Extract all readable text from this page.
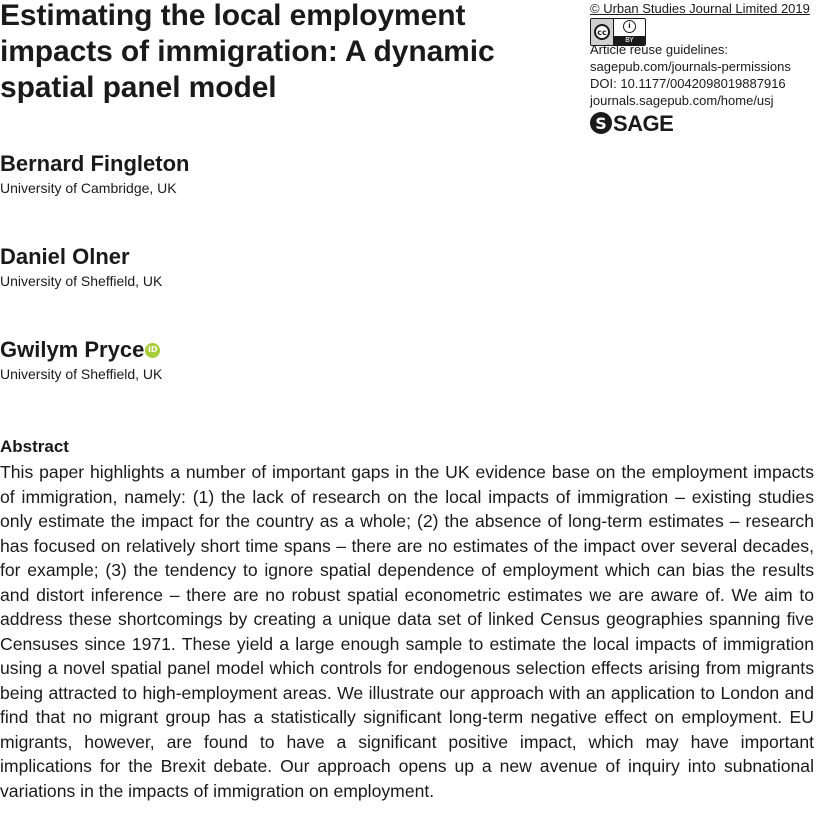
Estimating the local employment impacts of immigration: A dynamic spatial panel model
© Urban Studies Journal Limited 2019
cc
i
BY
Article reuse guidelines:
sagepub.com/journals-permissions
DOI: 10.1177/0042098019887916
journals.sagepub.com/home/usj
S SAGE
Bernard Fingleton
University of Cambridge, UK
Daniel Olner
University of Sheffield, UK
Gwilym Pryce iD
University of Sheffield, UK
Abstract

This paper highlights a number of important gaps in the UK evidence base on the employment impacts of immigration, namely: (1) the lack of research on the local impacts of immigration – existing studies only estimate the impact for the country as a whole; (2) the absence of long-term estimates – research has focused on relatively short time spans – there are no estimates of the impact over several decades, for example; (3) the tendency to ignore spatial dependence of employment which can bias the results and distort inference – there are no robust spatial econometric estimates we are aware of. We aim to address these shortcomings by creating a unique data set of linked Census geographies spanning five Censuses since 1971. These yield a large enough sample to estimate the local impacts of immigration using a novel spatial panel model which controls for endogenous selection effects arising from migrants being attracted to high-employment areas. We illustrate our approach with an application to London and find that no migrant group has a statistically significant long-term negative effect on employment. EU migrants, however, are found to have a significant positive impact, which may have important implications for the Brexit debate. Our approach opens up a new avenue of inquiry into subnational variations in the impacts of immigration on employment.
